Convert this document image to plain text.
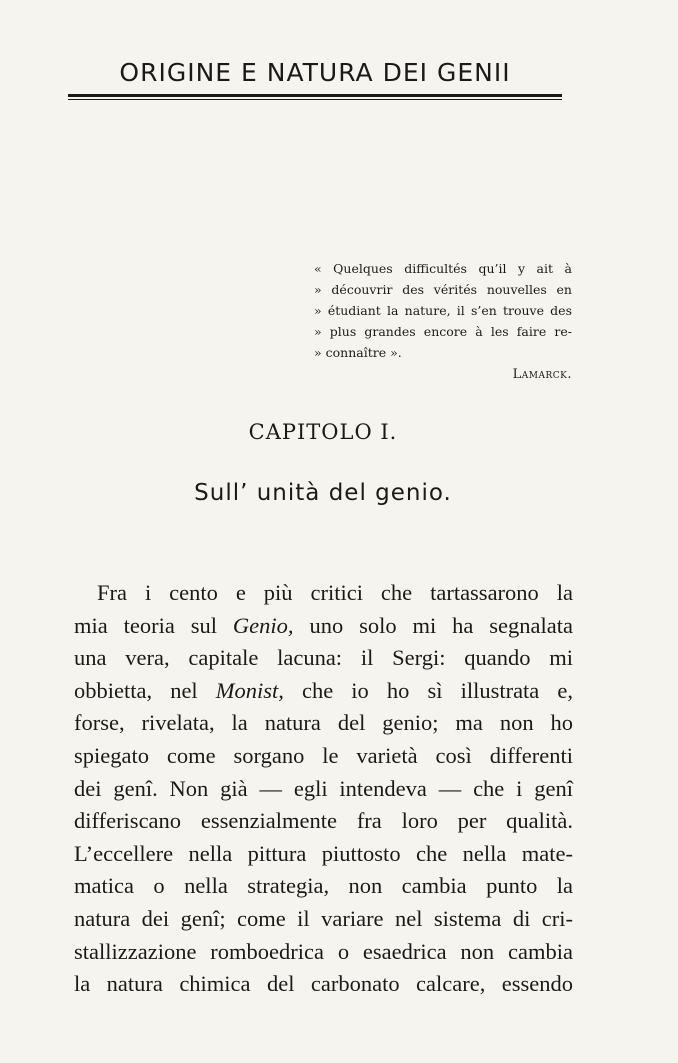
ORIGINE E NATURA DEI GENII
« Quelques difficultés qu’il y ait à
» découvrir des vérités nouvelles en
» étudiant la nature, il s’en trouve des
» plus grandes encore à les faire re-
» connaître ».
Lamarck.
CAPITOLO I.
Sull’ unità del genio.
Fra i cento e più critici che tartassarono la
mia teoria sul Genio, uno solo mi ha segnalata
una vera, capitale lacuna: il Sergi: quando mi
obbietta, nel Monist, che io ho sì illustrata e,
forse, rivelata, la natura del genio; ma non ho
spiegato come sorgano le varietà così differenti
dei genî. Non già — egli intendeva — che i genî
differiscano essenzialmente fra loro per qualità.
L’eccellere nella pittura piuttosto che nella mate-
matica o nella strategia, non cambia punto la
natura dei genî; come il variare nel sistema di cri-
stallizzazione romboedrica o esaedrica non cambia
la natura chimica del carbonato calcare, essendo
